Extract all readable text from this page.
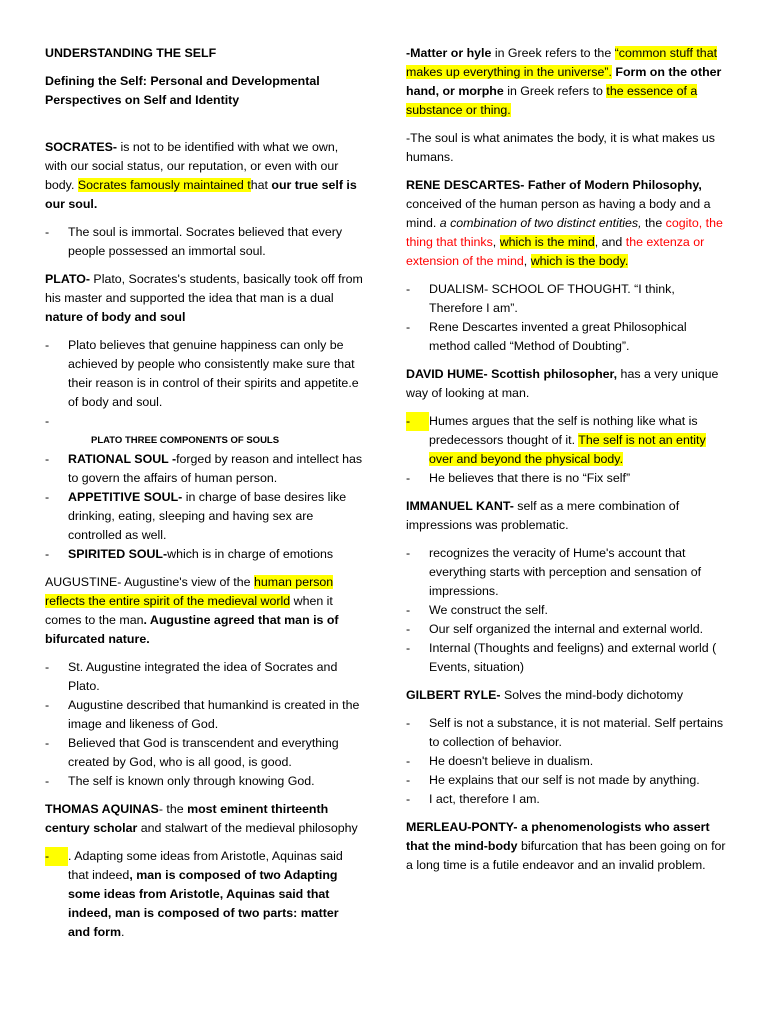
UNDERSTANDING THE SELF

Defining the Self: Personal and Developmental Perspectives on Self and Identity

SOCRATES- is not to be identified with what we own, with our social status, our reputation, or even with our body. Socrates famously maintained that our true self is our soul.

- The soul is immortal. Socrates believed that every people possessed an immortal soul.

PLATO- Plato, Socrates's students, basically took off from his master and supported the idea that man is a dual nature of body and soul

- Plato believes that genuine happiness can only be achieved by people who consistently make sure that their reason is in control of their spirits and appetite.e of body and soul.
-

PLATO THREE COMPONENTS OF SOULS
- RATIONAL SOUL -forged by reason and intellect has to govern the affairs of human person.
- APPETITIVE SOUL- in charge of base desires like drinking, eating, sleeping and having sex are controlled as well.
- SPIRITED SOUL-which is in charge of emotions

AUGUSTINE- Augustine's view of the human person reflects the entire spirit of the medieval world when it comes to the man. Augustine agreed that man is of bifurcated nature.

- St. Augustine integrated the idea of Socrates and Plato.
- Augustine described that humankind is created in the image and likeness of God.
- Believed that God is transcendent and everything created by God, who is all good, is good.
- The self is known only through knowing God.

THOMAS AQUINAS- the most eminent thirteenth century scholar and stalwart of the medieval philosophy

-	. Adapting some ideas from Aristotle, Aquinas said that indeed, man is composed of two Adapting some ideas from Aristotle, Aquinas said that indeed, man is composed of two parts: matter and form.

-Matter or hyle in Greek refers to the “common stuff that makes up everything in the universe”. Form on the other hand, or morphe in Greek refers to the essence of a substance or thing.

-The soul is what animates the body, it is what makes us humans.

RENE DESCARTES- Father of Modern Philosophy, conceived of the human person as having a body and a mind. a combination of two distinct entities, the cogito, the thing that thinks, which is the mind, and the extenza or extension of the mind, which is the body.

- DUALISM- SCHOOL OF THOUGHT. “I think, Therefore I am”.
- Rene Descartes invented a great Philosophical method called “Method of Doubting”.

DAVID HUME- Scottish philosopher, has a very unique way of looking at man.

-	Humes argues that the self is nothing like what is predecessors thought of it. The self is not an entity over and beyond the physical body.
- He believes that there is no “Fix self”

IMMANUEL KANT- self as a mere combination of impressions was problematic.

- recognizes the veracity of Hume's account that everything starts with perception and sensation of impressions.
- We construct the self.
- Our self organized the internal and external world.
- Internal (Thoughts and feeligns) and external world ( Events, situation)

GILBERT RYLE- Solves the mind-body dichotomy

- Self is not a substance, it is not material. Self pertains to collection of behavior.
- He doesn't believe in dualism.
- He explains that our self is not made by anything.
- I act, therefore I am.

MERLEAU-PONTY- a phenomenologists who assert that the mind-body bifurcation that has been going on for a long time is a futile endeavor and an invalid problem.
